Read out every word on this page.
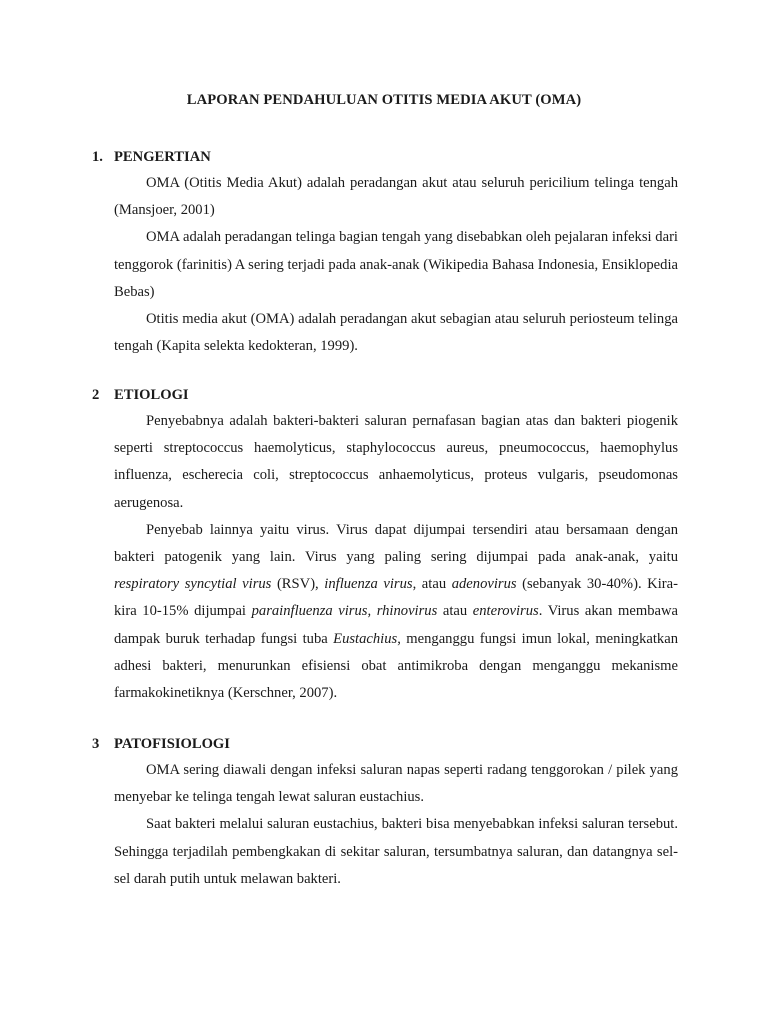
LAPORAN PENDAHULUAN OTITIS MEDIA AKUT (OMA)
1. PENGERTIAN

OMA (Otitis Media Akut) adalah peradangan akut atau seluruh pericilium telinga tengah (Mansjoer, 2001)

OMA adalah peradangan telinga bagian tengah yang disebabkan oleh pejalaran infeksi dari tenggorok (farinitis) A sering terjadi pada anak-anak (Wikipedia Bahasa Indonesia, Ensiklopedia Bebas)

Otitis media akut (OMA) adalah peradangan akut sebagian atau seluruh periosteum telinga tengah (Kapita selekta kedokteran, 1999).

2 ETIOLOGI

Penyebabnya adalah bakteri-bakteri saluran pernafasan bagian atas dan bakteri piogenik seperti streptococcus haemolyticus, staphylococcus aureus, pneumococcus, haemophylus influenza, escherecia coli, streptococcus anhaemolyticus, proteus vulgaris, pseudomonas aerugenosa.

Penyebab lainnya yaitu virus. Virus dapat dijumpai tersendiri atau bersamaan dengan bakteri patogenik yang lain. Virus yang paling sering dijumpai pada anak-anak, yaitu respiratory syncytial virus (RSV), influenza virus, atau adenovirus (sebanyak 30-40%). Kira-kira 10-15% dijumpai parainfluenza virus, rhinovirus atau enterovirus. Virus akan membawa dampak buruk terhadap fungsi tuba Eustachius, menganggu fungsi imun lokal, meningkatkan adhesi bakteri, menurunkan efisiensi obat antimikroba dengan menganggu mekanisme farmakokinetiknya (Kerschner, 2007).

3 PATOFISIOLOGI

OMA sering diawali dengan infeksi saluran napas seperti radang tenggorokan / pilek yang menyebar ke telinga tengah lewat saluran eustachius.

Saat bakteri melalui saluran eustachius, bakteri bisa menyebabkan infeksi saluran tersebut. Sehingga terjadilah pembengkakan di sekitar saluran, tersumbatnya saluran, dan datangnya sel-sel darah putih untuk melawan bakteri.
